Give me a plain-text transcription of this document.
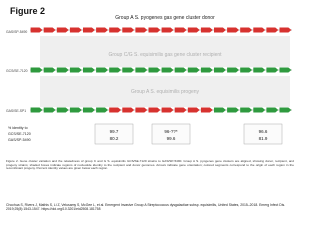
Figure 2
Group A S. pyogenes gas gene cluster donor
GAS/SP-5490
GCS/SE-7120
GAS/SE-SP1
% identity to
GCS/SE-7120
GAS/SP-5490
99.7
80.2
96-??*
99.6
96.6
81.9
Figure 2. Gene cluster variation and the relatedness of group C and G S. equisimilis GCS/SE-7120 strains to GAS/SP-5490. Group A S. pyogenes gene clusters are aligned, showing donor, recipient, and progeny strains; shaded boxes indicate regions of nucleotide identity to the recipient and donor genomes. Arrows indicate gene orientation; colored segments correspond to the origin of each region in the recombinant progeny. Percent identity values are given below each region.
Chochua S, Rivers J, Mathis S, Li Z, Velusamy S, McGee L, et al. Emergent Invasive Group A Streptococcus dysgalactiae subsp. equisimilis, United States, 2015–2018. Emerg Infect Dis. 2019;25(8):1543-1547. https://doi.org/10.3201/eid2508.181758
